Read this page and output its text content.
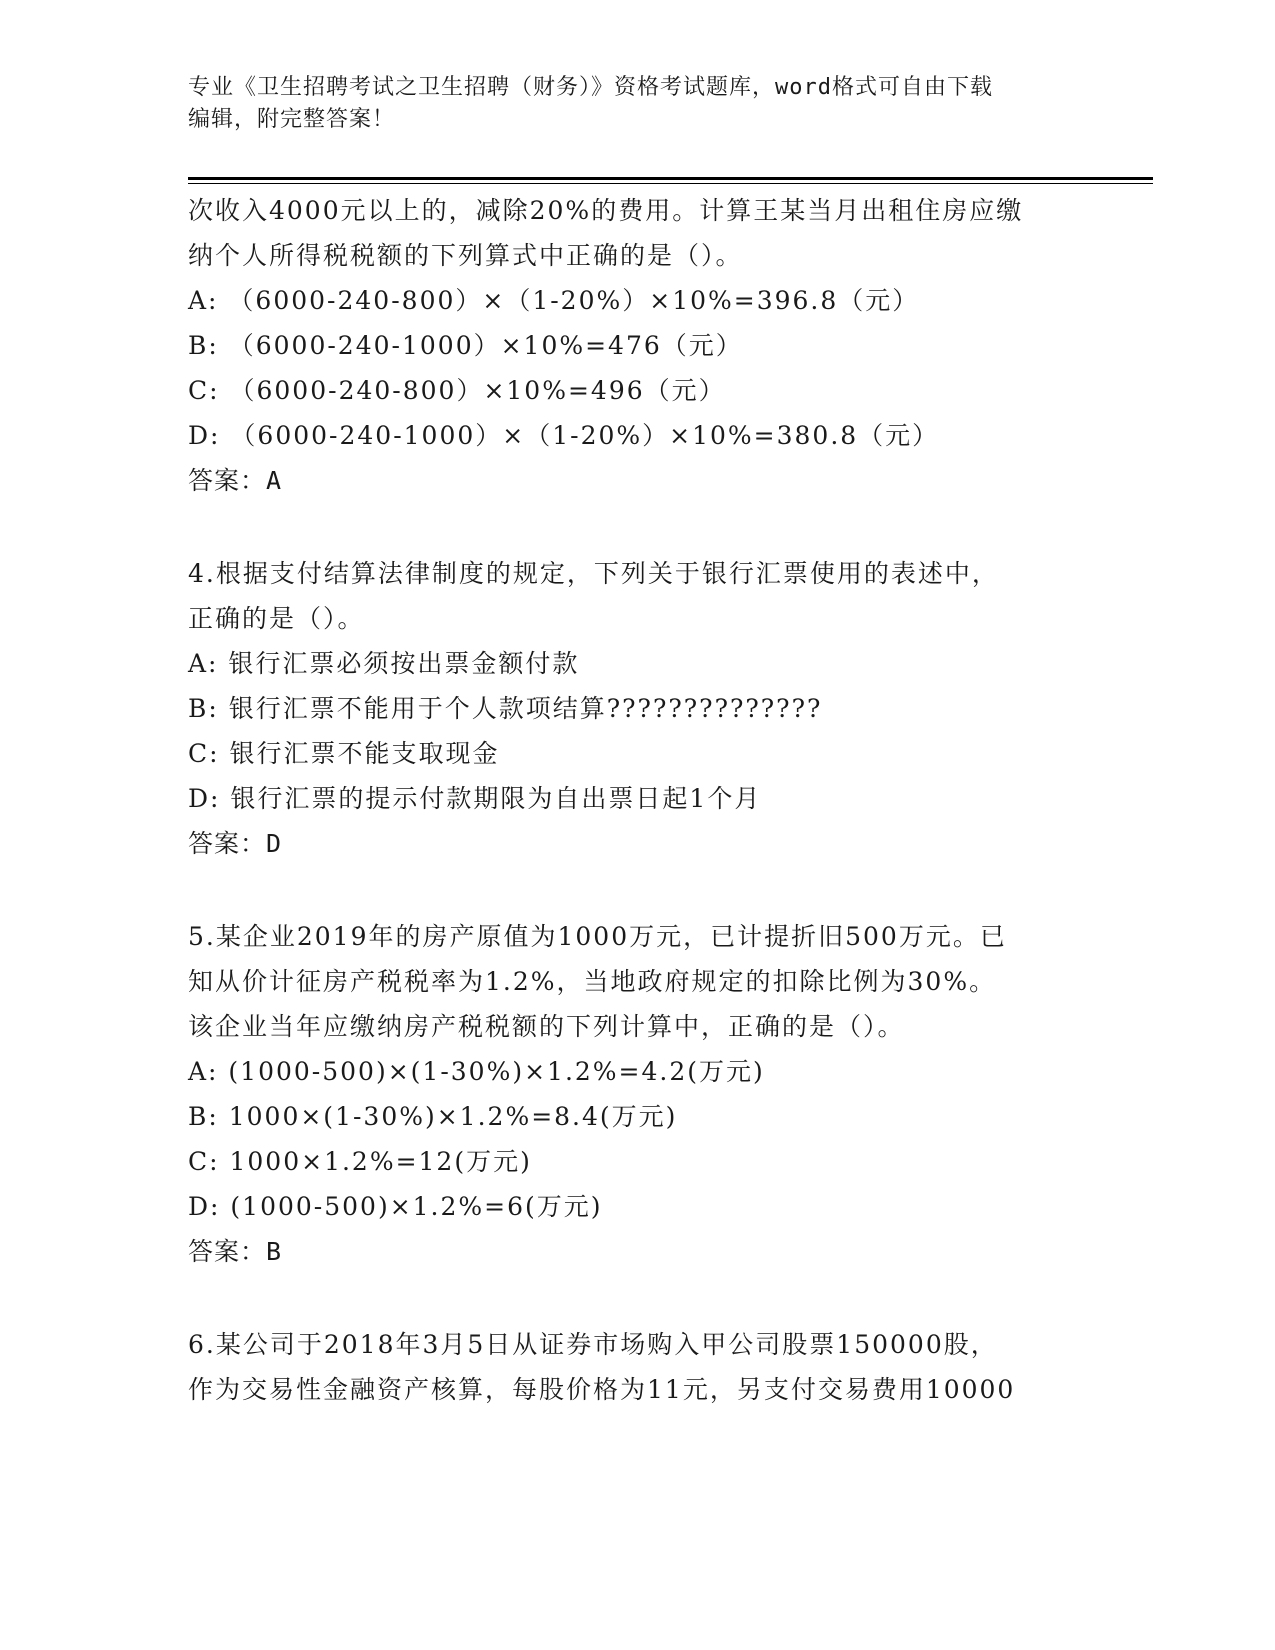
专业《卫生招聘考试之卫生招聘（财务）》资格考试题库，word格式可自由下载
编辑，附完整答案！
次收入4000元以上的，减除20%的费用。计算王某当月出租住房应缴
纳个人所得税税额的下列算式中正确的是（）。
A: （6000-240-800）×（1-20%）×10%=396.8（元）
B: （6000-240-1000）×10%=476（元）
C: （6000-240-800）×10%=496（元）
D: （6000-240-1000）×（1-20%）×10%=380.8（元）
答案：A
4.根据支付结算法律制度的规定，下列关于银行汇票使用的表述中，
正确的是（）。
A: 银行汇票必须按出票金额付款
B: 银行汇票不能用于个人款项结算??????????????
C: 银行汇票不能支取现金
D: 银行汇票的提示付款期限为自出票日起1个月
答案：D
5.某企业2019年的房产原值为1000万元，已计提折旧500万元。已
知从价计征房产税税率为1.2%，当地政府规定的扣除比例为30%。
该企业当年应缴纳房产税税额的下列计算中，正确的是（）。
A: (1000-500)×(1-30%)×1.2%=4.2(万元)
B: 1000×(1-30%)×1.2%=8.4(万元)
C: 1000×1.2%=12(万元)
D: (1000-500)×1.2%=6(万元)
答案：B
6.某公司于2018年3月5日从证券市场购入甲公司股票150000股，
作为交易性金融资产核算，每股价格为11元，另支付交易费用10000
